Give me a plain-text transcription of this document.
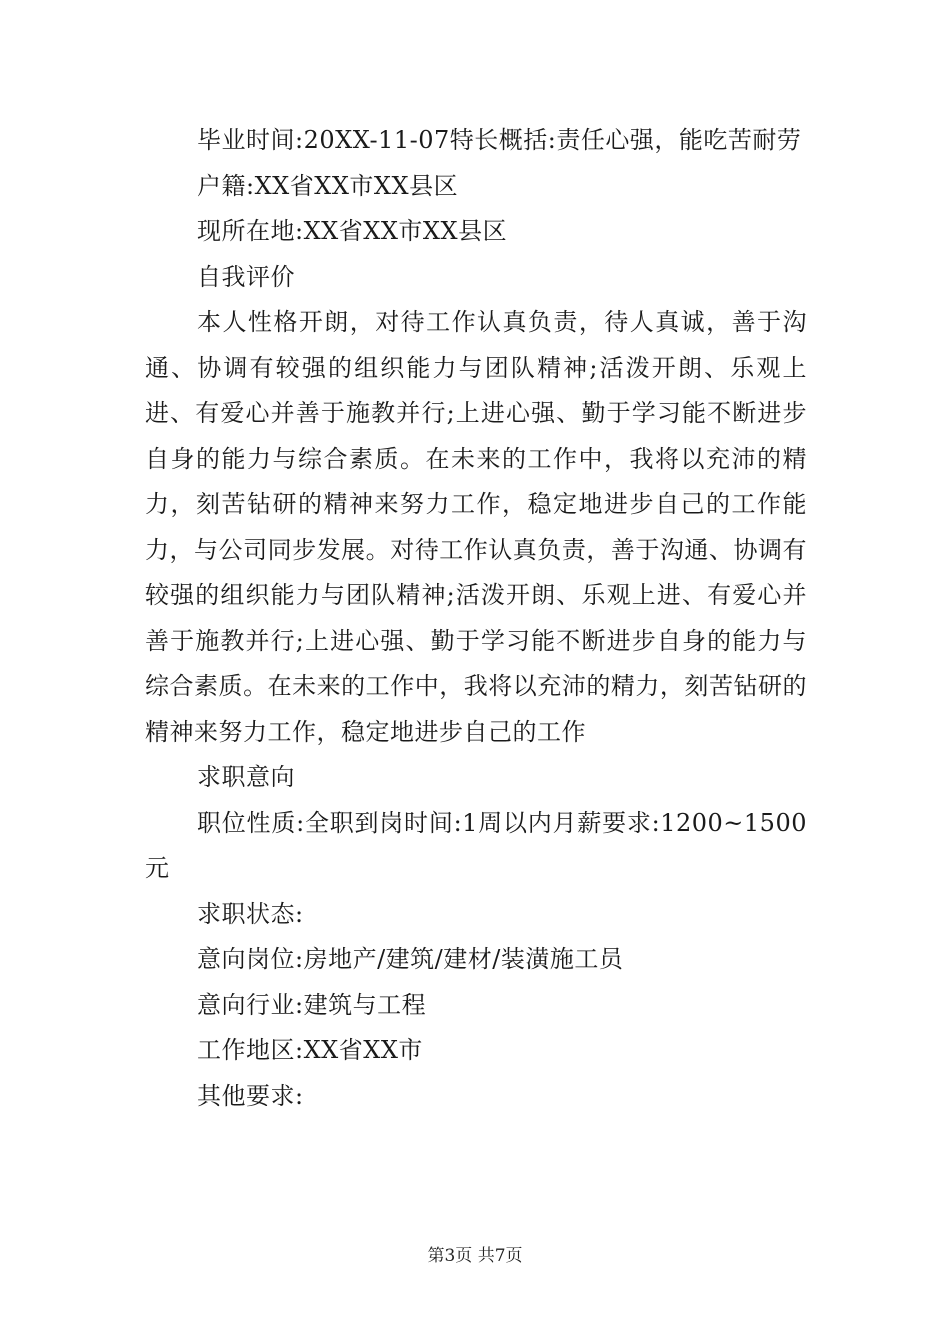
毕业时间:20XX-11-07特长概括:责任心强，能吃苦耐劳

户籍:XX省XX市XX县区

现所在地:XX省XX市XX县区

自我评价

本人性格开朗，对待工作认真负责，待人真诚，善于沟通、协调有较强的组织能力与团队精神;活泼开朗、乐观上进、有爱心并善于施教并行;上进心强、勤于学习能不断进步自身的能力与综合素质。在未来的工作中，我将以充沛的精力，刻苦钻研的精神来努力工作，稳定地进步自己的工作能力，与公司同步发展。对待工作认真负责，善于沟通、协调有较强的组织能力与团队精神;活泼开朗、乐观上进、有爱心并善于施教并行;上进心强、勤于学习能不断进步自身的能力与综合素质。在未来的工作中，我将以充沛的精力，刻苦钻研的精神来努力工作，稳定地进步自己的工作

求职意向

职位性质:全职到岗时间:1周以内月薪要求:1200~1500元

求职状态:

意向岗位:房地产/建筑/建材/装潢施工员

意向行业:建筑与工程

工作地区:XX省XX市

其他要求:

第3页 共7页
